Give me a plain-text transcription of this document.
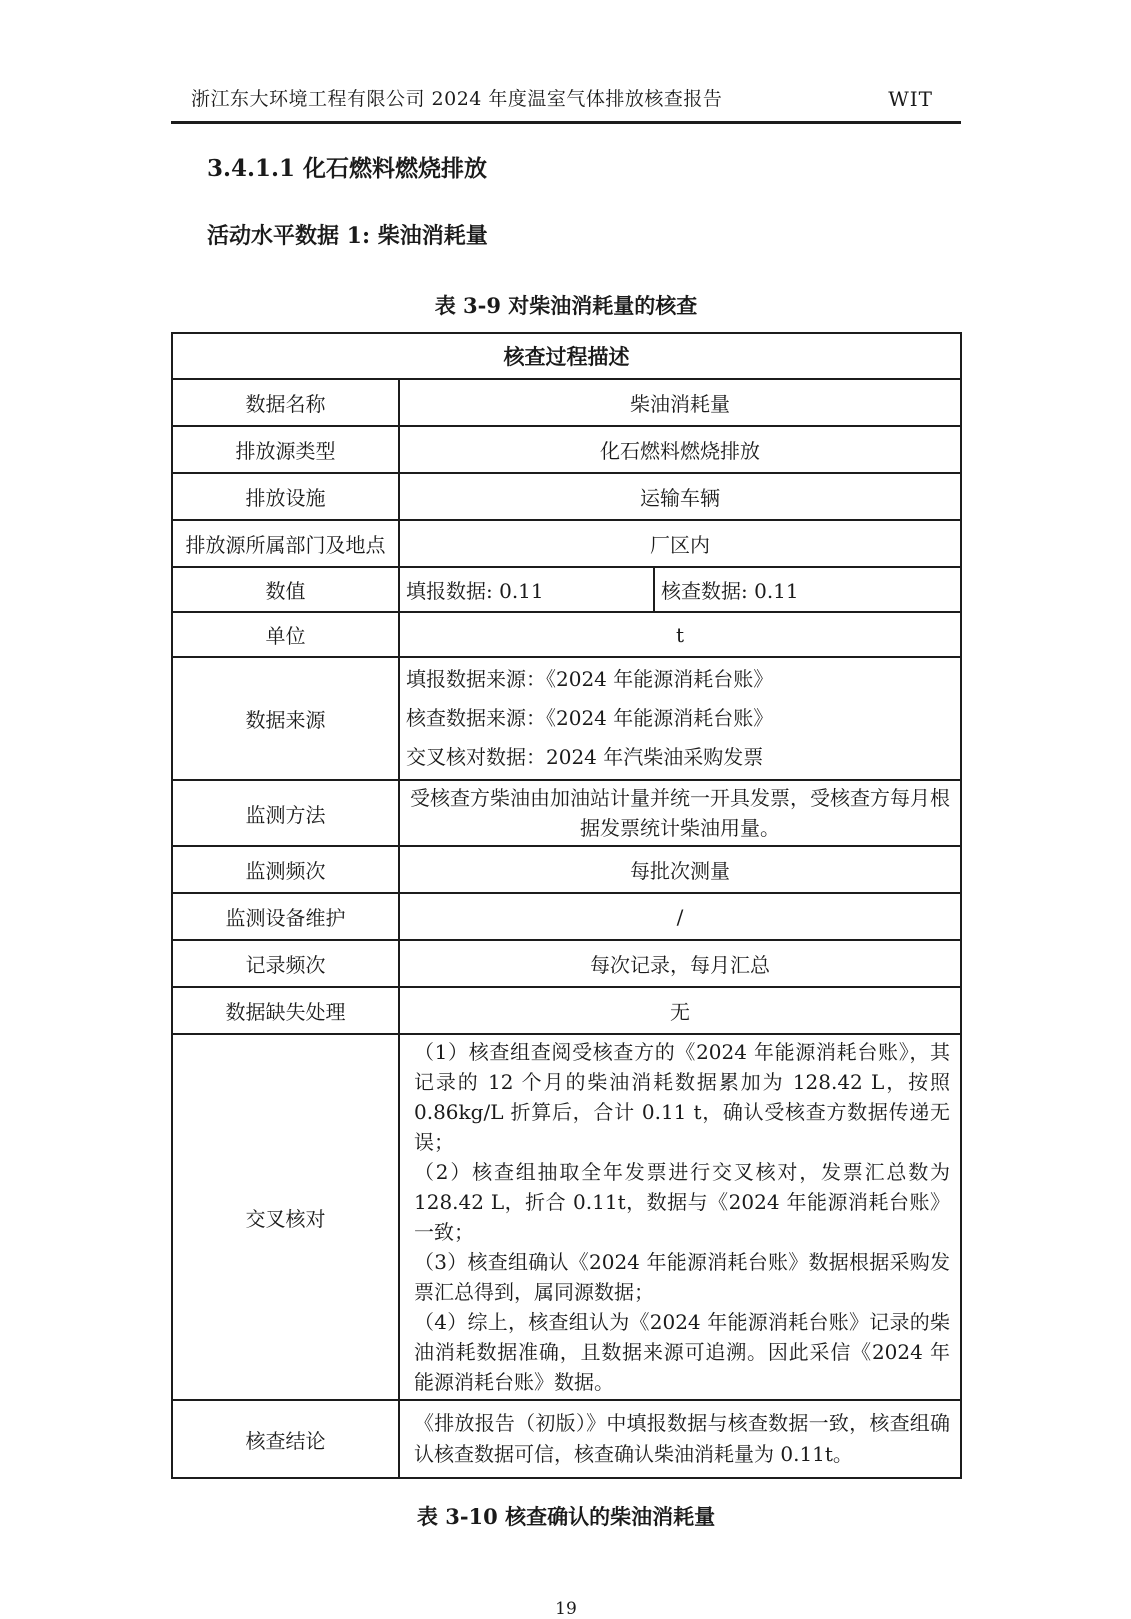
浙江东大环境工程有限公司 2024 年度温室气体排放核查报告	WIT
3.4.1.1 化石燃料燃烧排放
活动水平数据 1: 柴油消耗量
表 3-9 对柴油消耗量的核查
核查过程描述		
数据名称	柴油消耗量	
排放源类型	化石燃料燃烧排放	
排放设施	运输车辆	
排放源所属部门及地点	厂区内	
数值	填报数据: 0.11	核查数据: 0.11
单位	t	
数据来源	填报数据来源：《2024 年能源消耗台账》
核查数据来源：《2024 年能源消耗台账》
交叉核对数据：2024 年汽柴油采购发票	

监测方法	受核查方柴油由加油站计量并统一开具发票，受核查方每月根据发票统计柴油用量。	

监测频次	每批次测量	
监测设备维护	/	
记录频次	每次记录，每月汇总	
数据缺失处理	无	
交叉核对	（1）核查组查阅受核查方的《2024 年能源消耗台账》，其记录的 12 个月的柴油消耗数据累加为 128.42 L，按照 0.86kg/L 折算后，合计 0.11 t，确认受核查方数据传递无误；

（2）核查组抽取全年发票进行交叉核对，发票汇总数为 128.42 L，折合 0.11t，数据与《2024 年能源消耗台账》一致；

（3）核查组确认《2024 年能源消耗台账》数据根据采购发票汇总得到，属同源数据；

（4）综上，核查组认为《2024 年能源消耗台账》记录的柴油消耗数据准确，且数据来源可追溯。因此采信《2024 年能源消耗台账》数据。	

核查结论	《排放报告（初版）》中填报数据与核查数据一致，核查组确认核查数据可信，核查确认柴油消耗量为 0.11t。	
表 3-10 核查确认的柴油消耗量
19
